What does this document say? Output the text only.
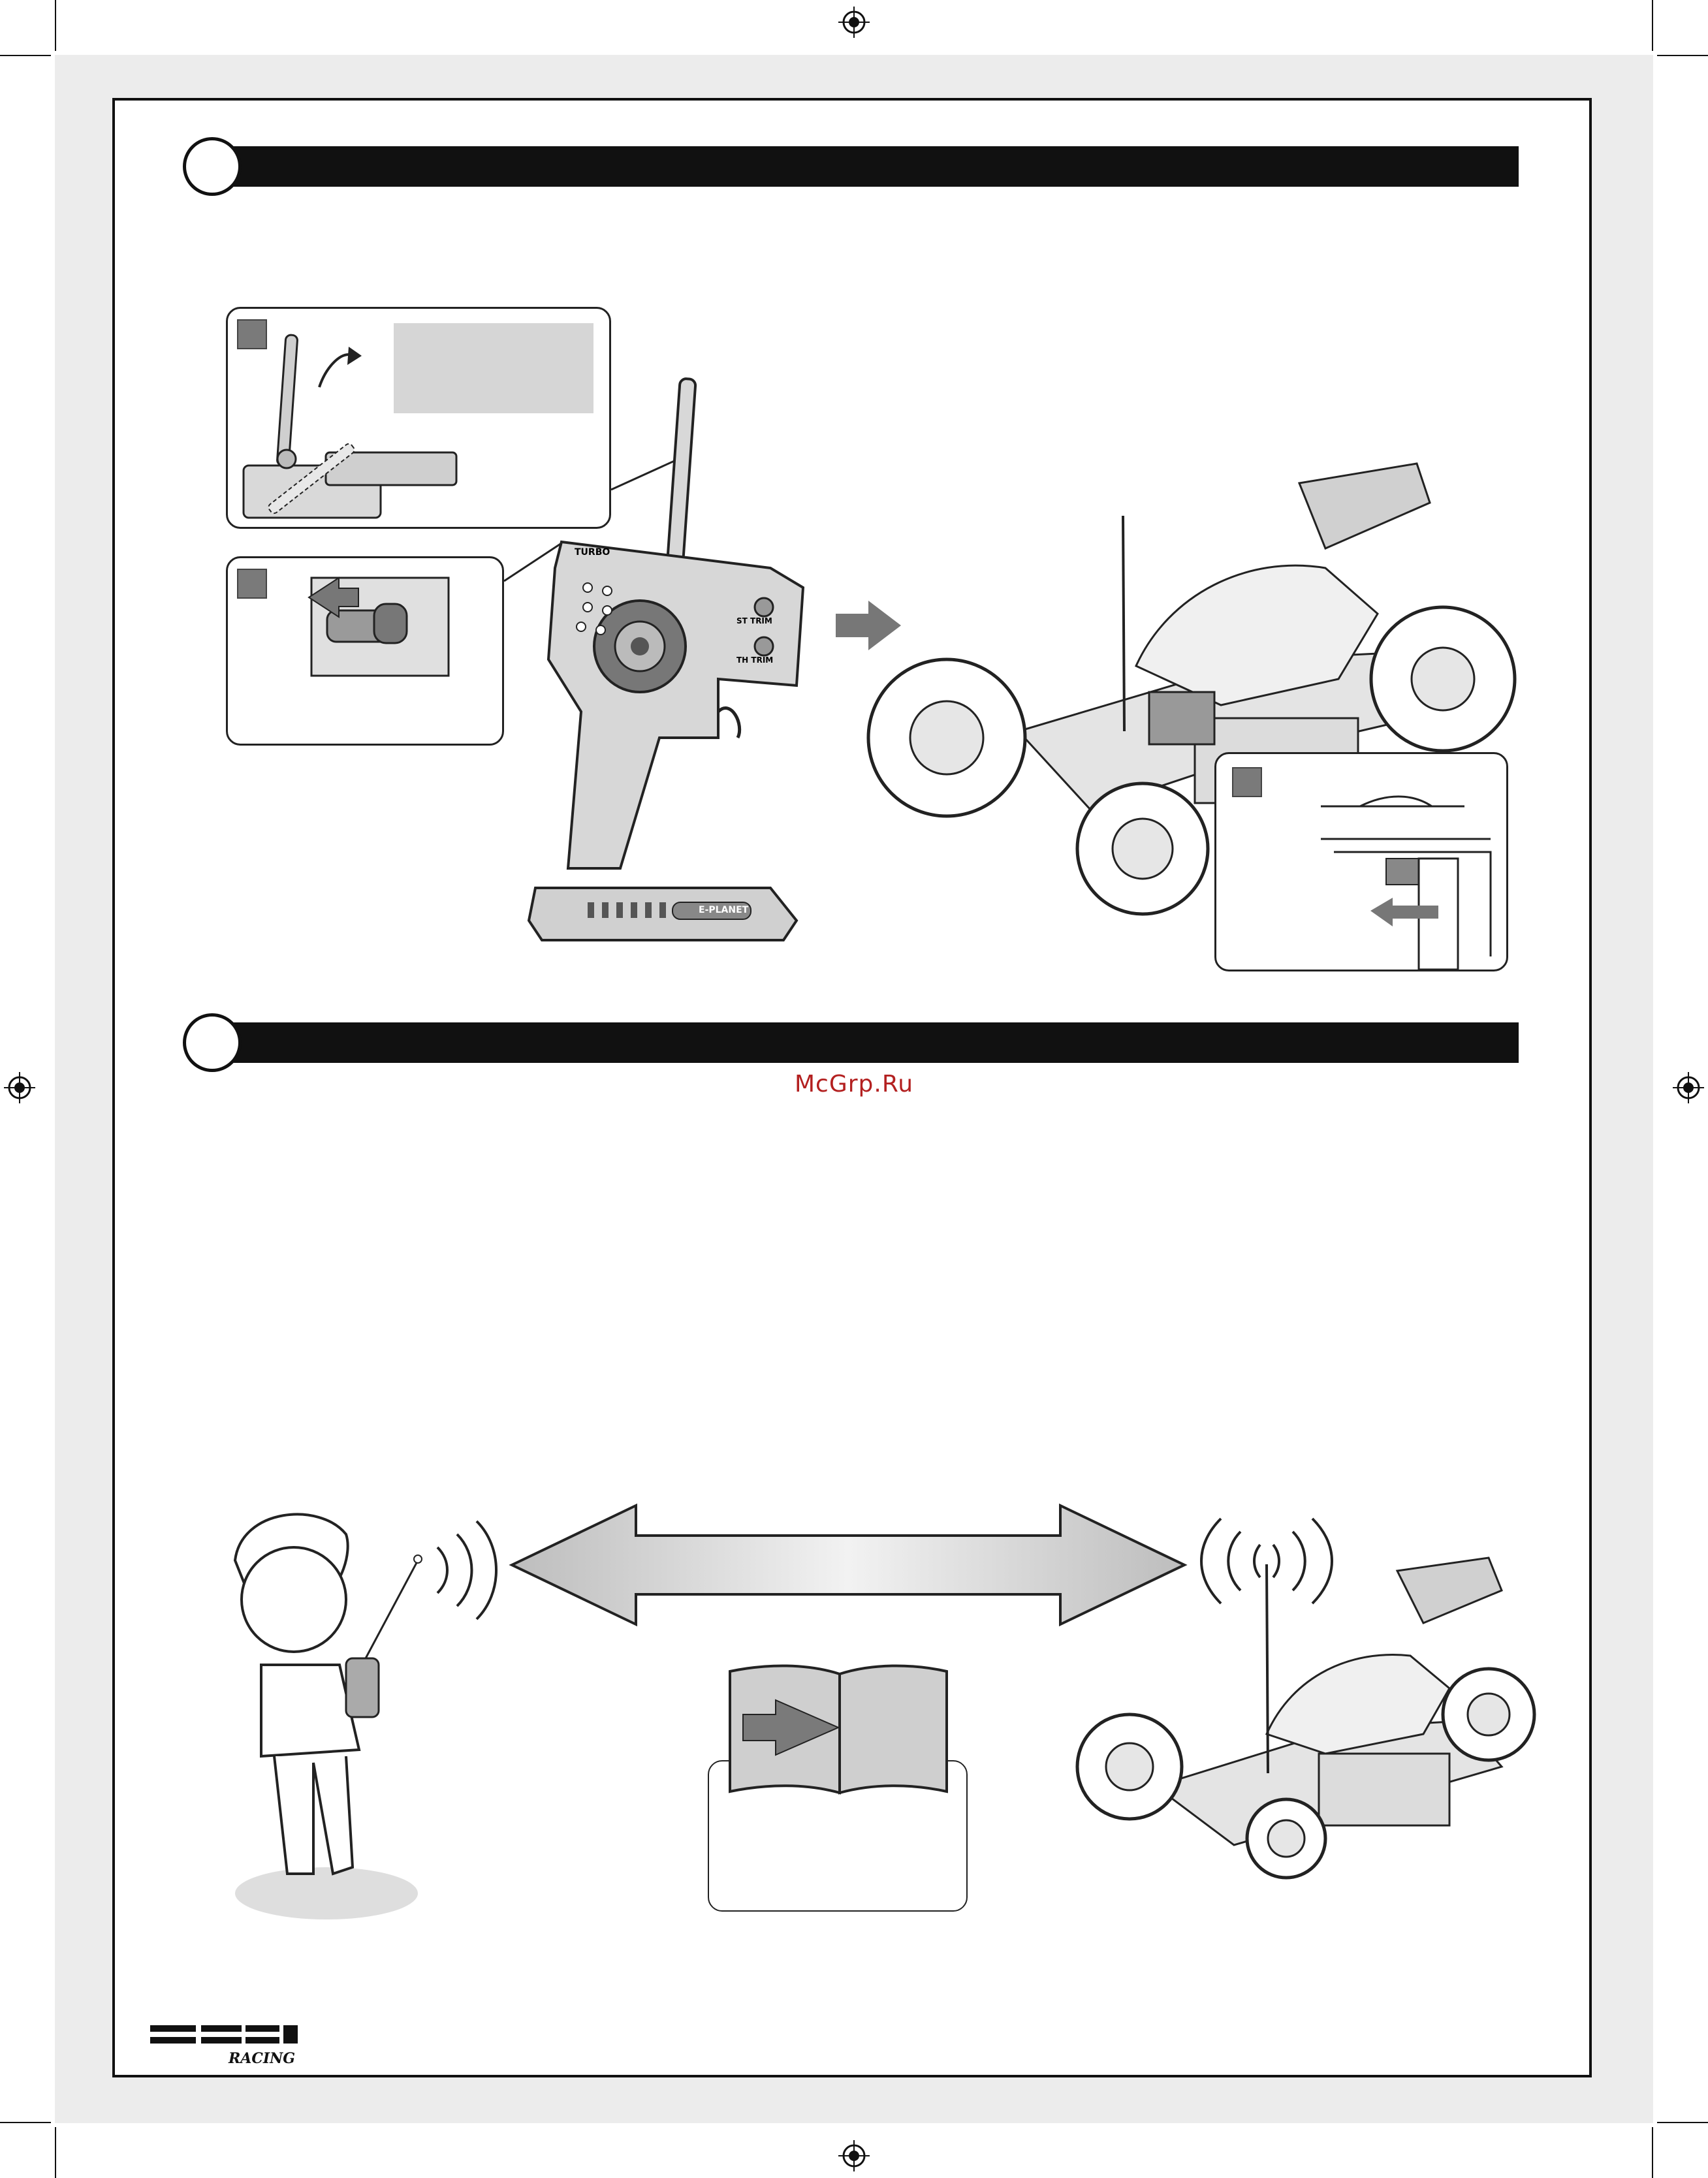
TURBO
ST TRIM
TH TRIM
E-PLANET
McGrp.Ru
RACING
